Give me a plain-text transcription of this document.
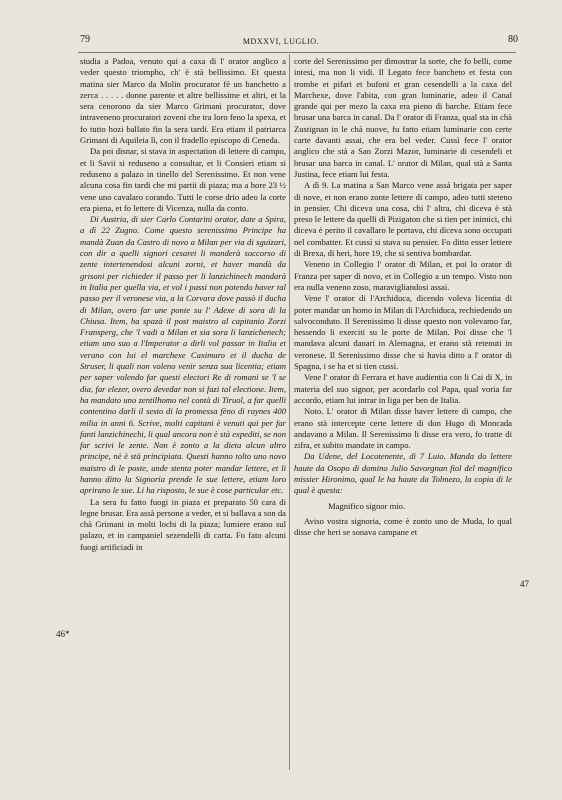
79	MDXXVI, LUGLIO.	80

studia a Padoa, venuto qui a caxa di l' orator anglico a veder questo triompho, ch' è stà bellissimo. Et questa matina sier Marco da Molin procurator fè un banchetto a zerca . . . . . donne parente et altre bellissime et altri, et la sera cenorono da sier Marco Grimani procurator, dove intraveneno procuratori zoveni che tra loro feno la spexa, et fo tutto hozi ballato fin la sera tardi. Era etiam il patriarca Grimani di Aquileia lì, con il fradello episcopo di Ceneda.

Da poi disnar, si stava in aspectation di lettere di campo, et li Savii si reduseno a consultar, et li Consieri etiam si reduseno a palazo in tinello del Serenissimo. Et non vene alcuna cosa fin tardi che mi partii di piaza; ma a hore 23 ½ vene uno cavalaro corando. Tutti le corse drio adeo la corte era piena, et fo lettere di Vicenza, nulla da conto.

Di Austria, di sier Carlo Contarini orator, date a Spira, a dì 22 Zugno. Come questo serenissimo Principe ha mandà Zuan da Castro di novo a Milan per via di sguizari, con dir a quelli signori cesarei li manderà soccorso di zente intertenendosi alcuni zorni, et haver mandà da grisoni per richieder il passo per li lanzichinech mandarà in Italia per quella via, et vol i passi non potendo haver tal passo per il veronese via, a la Corvara dove passò il ducha di Milan, overo far une ponte su l' Adexe di sora di la Chiusa. Item, ha spazà il post maistro al capitanio Zorzi Fransperg, che 'l vadi a Milan et sia sora li lanzichenech; etiam uno suo a l'Imperator a dirli vol passar in Italia et verano con lui el marchexe Caximuro et il ducha de Struser, li quali non voleno venir senza sua licentia; etiam per saper volendo far questi electori Re di romani se 'l se dia, far elezer, overo devedar non si fazi tal electione. Item, ha mandato uno zentilhomo nel contà di Tiruol, a far quelli contentino darli il sesto di la promessa fèno di raynes 400 milia in anni 6. Scrive, molti capitani è venuti qui per far fanti lanzichinechi, li qual ancora non è stà expediti, se non far scrivi le zente. Non è zonto a la dieta alcun altro principe, nè è stà principiata. Questi hanno tolto uno novo maistro di le poste, unde stenta poter mandar lettere, et li hanno ditto la Signoria prende le sue lettere, etiam loro aprirano le sue. Li ha risposto, le sue è cose particular etc.

La sera fu fatto fuogi in piaza et preparato 50 cara di legne brusar. Era assà persone a veder, et si ballava a son da chà Grimani in molti lochi di la piaza; lumiere erano sul palazo, et in campaniel sezendelli di carta. Fo fato alcuni fuogi artificiadi in

corte del Serenissimo per dimostrar la sorte, che fo belli, come intesi, ma non li vidi. Il Legato fece bancheto et festa con trombe et pifari et bufoni et gran cesendelli a la caxa del Marchexe, dove l'abita, con gran luminarie, adeo il Canal grande qui per mezo la caxa era pieno di barche. Etiam fece brusar una barca in canal. Da l' orator di Franza, qual sta in chà Zustignan in le chà nuove, fu fatto etiam luminarie con certe carte davanti assai, che era bel veder. Cussì fece l' orator anglico che stà a San Zorzi Mazor, luminarie di cesendeli et brusar una barca in canal. L' orator di Milan, qual stà a Santa Justina, fece etiam lui festa.

A dì 9. La matina a San Marco vene assà brigata per saper di nove, et non erano zonte lettere di campo, adeo tutti steteno in pensier. Chi diceva una cosa, chi l' altra, chi diceva è stà preso le lettere da quelli di Pizigaton che si tien per inimici, chi diceva è perito il cavallaro le portava, chi diceva sono occupati nel combatter. Et cussì si stava su pensier. Fo ditto esser lettere di Brexa, di heri, hore 19, che si sentiva bombardar.

Veneno in Collegio l' orator di Milan, et poi lo orator di Franza per saper di novo, et in Collegio a un tempo. Visto non era nulla veneno zoso, maravigliandosi assai.

Vene l' orator di l'Archiduca, dicendo voleva licentia di poter mandar un homo in Milan di l'Archiduca, rechiedendo un salvoconduto. Il Serenissimo li disse questo non volevamo far, hessendo li exerciti su le porte de Milan. Poi disse che 'l mandava alcuni danari in Alemagna, et erano stà retenuti in veronese. Il Serenissimo disse che si havia ditto a l' orator di Spagna, i se ha et si tien cussì.

Vene l' orator di Ferrara et have audientia con li Cai di X, in materia del suo signor, per acordarlo col Papa, qual voria far accordo, etiam lui intrar in liga per ben de Italia.

Noto. L' orator di Milan disse haver lettere di campo, che erano stà intercepte certe lettere di don Hugo di Moncada andavano a Milan. Il Serenissimo li disse era vero, fo tratte di zifra, et subito mandate in campo.

Da Udene, del Locotenente, di 7 Luio. Manda do lettere haute da Osopo di domino Julio Savorgnan fiol del magnifico missier Hironimo, qual le ha haute da Tolmezo, la copia di le qual è questa:

Magnifico signor mio.

Aviso vostra signoria, come è zonto uno de Muda, lo qual disse che heri se sonava campane et

46*
47
